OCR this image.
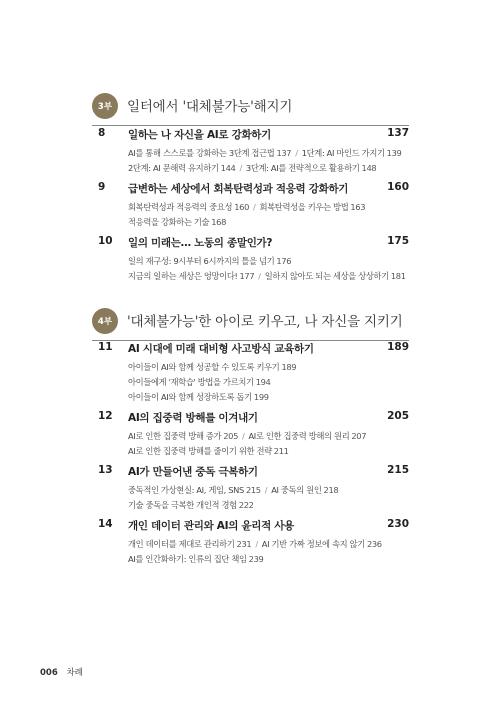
3부	일터에서 '대체불가능'해지기
8 일하는 나 자신을 AI로 강화하기	137
AI를 통해 스스로를 강화하는 3단계 접근법 137 / 1단계: AI 마인드 가지기 139
2단계: AI 문해력 유지하기 144 / 3단계: AI를 전략적으로 활용하기 148
9 급변하는 세상에서 회복탄력성과 적응력 강화하기	160
회복탄력성과 적응력의 중요성 160 / 회복탄력성을 키우는 방법 163
적응력을 강화하는 기술 168
10 일의 미래는… 노동의 종말인가?	175
일의 재구성: 9시부터 6시까지의 틀을 넘기 176
지금의 일하는 세상은 엉망이다! 177 / 일하지 않아도 되는 세상을 상상하기 181
4부	'대체불가능'한 아이로 키우고, 나 자신을 지키기
11 AI 시대에 미래 대비형 사고방식 교육하기	189
아이들이 AI와 함께 성공할 수 있도록 키우기 189
아이들에게 '재학습' 방법을 가르치기 194
아이들이 AI와 함께 성장하도록 돕기 199
12 AI의 집중력 방해를 이겨내기	205
AI로 인한 집중력 방해 증가 205 / AI로 인한 집중력 방해의 원리 207
AI로 인한 집중력 방해를 줄이기 위한 전략 211
13 AI가 만들어낸 중독 극복하기	215
중독적인 가상현실: AI, 게임, SNS 215 / AI 중독의 원인 218
기술 중독을 극복한 개인적 경험 222
14 개인 데이터 관리와 AI의 윤리적 사용	230
개인 데이터를 제대로 관리하기 231 / AI 기반 가짜 정보에 속지 않기 236
AI를 인간화하기: 인류의 집단 책임 239
006 차례
